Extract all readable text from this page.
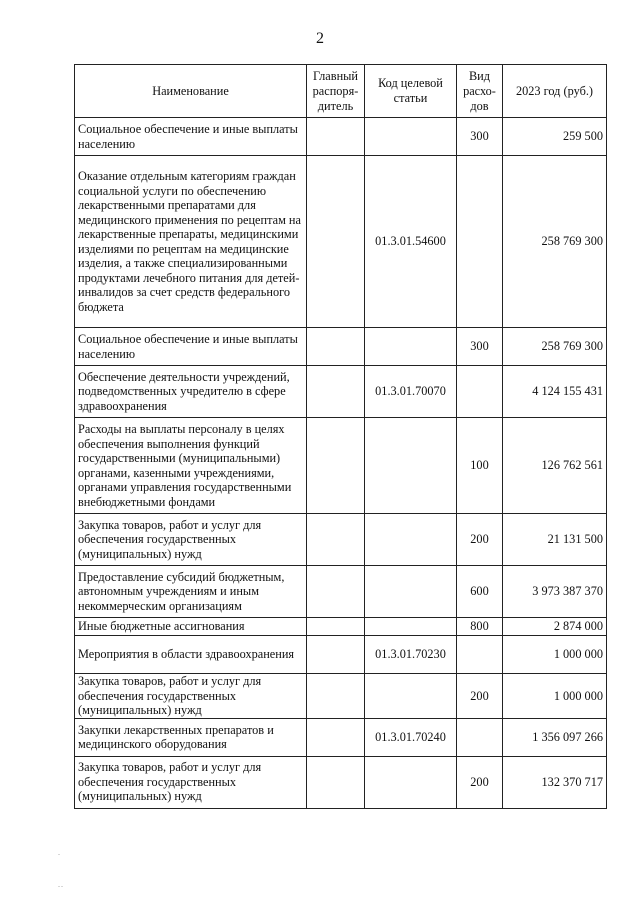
2
Наименование	Главный распоря-дитель	Код целевой статьи	Вид расхо-дов	2023 год (руб.)
Социальное обеспечение и иные выплаты населению			300	259 500
Оказание отдельным категориям граждан социальной услуги по обеспечению лекарственными препаратами для медицинского применения по рецептам на лекарственные препараты, медицинскими изделиями по рецептам на медицинские изделия, а также специализированными продуктами лечебного питания для детей-инвалидов за счет средств федерального бюджета		01.3.01.54600		258 769 300
Социальное обеспечение и иные выплаты населению			300	258 769 300
Обеспечение деятельности учреждений, подведомственных учредителю в сфере здравоохранения		01.3.01.70070		4 124 155 431
Расходы на выплаты персоналу в целях обеспечения выполнения функций государственными (муниципальными) органами, казенными учреждениями, органами управления государственными внебюджетными фондами			100	126 762 561
Закупка товаров, работ и услуг для обеспечения государственных (муниципальных) нужд			200	21 131 500
Предоставление субсидий бюджетным, автономным учреждениям и иным некоммерческим организациям			600	3 973 387 370
Иные бюджетные ассигнования			800	2 874 000
Мероприятия в области здравоохранения		01.3.01.70230		1 000 000
Закупка товаров, работ и услуг для обеспечения государственных (муниципальных) нужд			200	1 000 000
Закупки лекарственных препаратов и медицинского оборудования		01.3.01.70240		1 356 097 266
Закупка товаров, работ и услуг для обеспечения государственных (муниципальных) нужд			200	132 370 717
.
..
